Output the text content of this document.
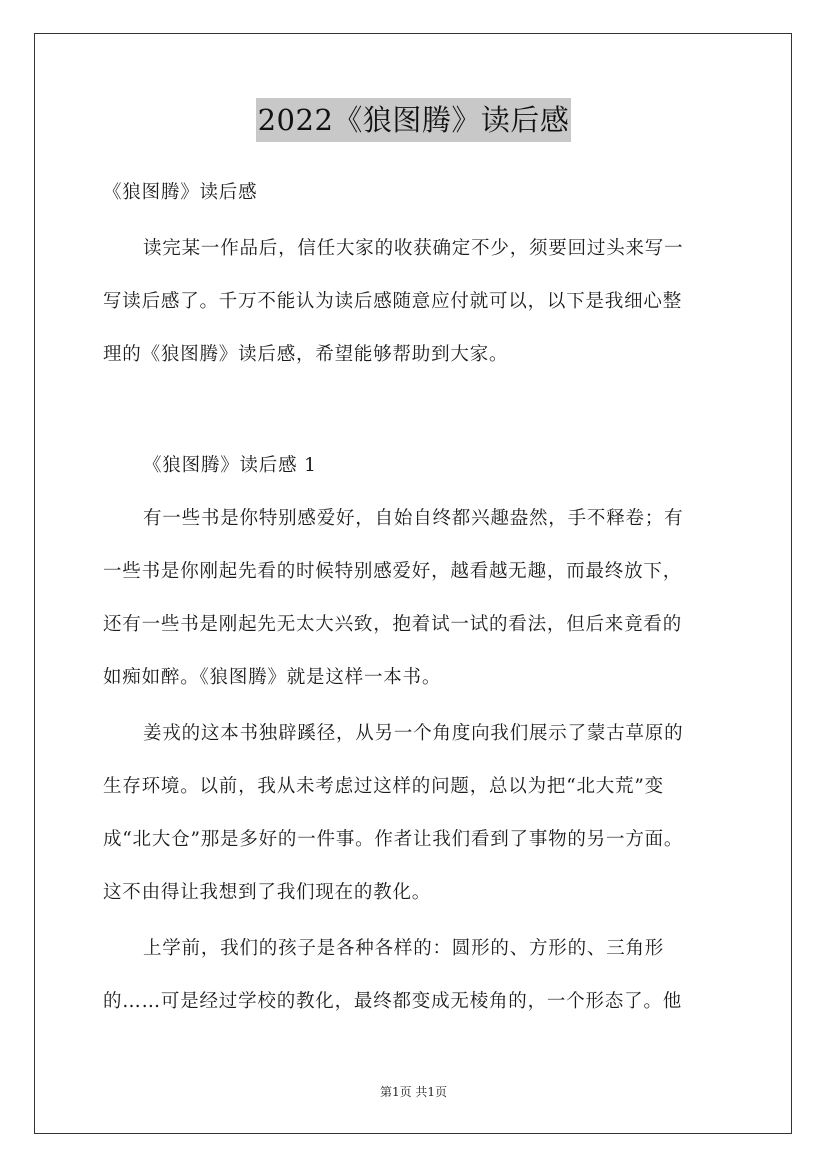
2022《狼图腾》读后感
《狼图腾》读后感
读完某一作品后，信任大家的收获确定不少，须要回过头来写一
写读后感了。千万不能认为读后感随意应付就可以，以下是我细心整
理的《狼图腾》读后感，希望能够帮助到大家。
《狼图腾》读后感 1
有一些书是你特别感爱好，自始自终都兴趣盎然，手不释卷；有
一些书是你刚起先看的时候特别感爱好，越看越无趣，而最终放下，
还有一些书是刚起先无太大兴致，抱着试一试的看法，但后来竟看的
如痴如醉。《狼图腾》就是这样一本书。
姜戎的这本书独辟蹊径，从另一个角度向我们展示了蒙古草原的
生存环境。以前，我从未考虑过这样的问题，总以为把“北大荒”变
成“北大仓”那是多好的一件事。作者让我们看到了事物的另一方面。
这不由得让我想到了我们现在的教化。
上学前，我们的孩子是各种各样的：圆形的、方形的、三角形
的……可是经过学校的教化，最终都变成无棱角的，一个形态了。他
第1页 共1页
